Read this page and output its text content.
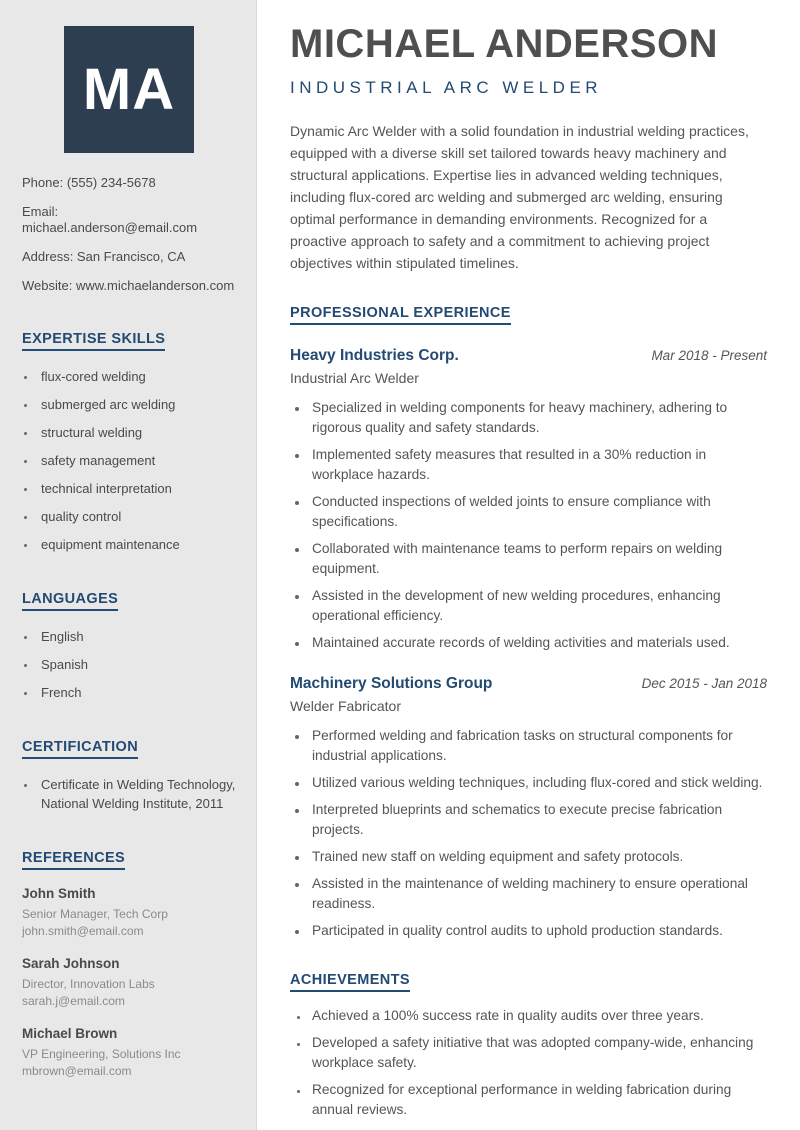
MA
Phone: (555) 234-5678
Email: michael.anderson@email.com
Address: San Francisco, CA
Website: www.michaelanderson.com
EXPERTISE SKILLS
• flux-cored welding
• submerged arc welding
• structural welding
• safety management
• technical interpretation
• quality control
• equipment maintenance
LANGUAGES
• English
• Spanish
• French
CERTIFICATION
• Certificate in Welding Technology, National Welding Institute, 2011
REFERENCES
John Smith
Senior Manager, Tech Corp
john.smith@email.com
Sarah Johnson
Director, Innovation Labs
sarah.j@email.com
Michael Brown
VP Engineering, Solutions Inc
mbrown@email.com
MICHAEL ANDERSON
INDUSTRIAL ARC WELDER

Dynamic Arc Welder with a solid foundation in industrial welding practices, equipped with a diverse skill set tailored towards heavy machinery and structural applications. Expertise lies in advanced welding techniques, including flux-cored arc welding and submerged arc welding, ensuring optimal performance in demanding environments. Recognized for a proactive approach to safety and a commitment to achieving project objectives within stipulated timelines.

PROFESSIONAL EXPERIENCE
Heavy Industries Corp.	Mar 2018 - Present
Industrial Arc Welder
• Specialized in welding components for heavy machinery, adhering to rigorous quality and safety standards.
• Implemented safety measures that resulted in a 30% reduction in workplace hazards.
• Conducted inspections of welded joints to ensure compliance with specifications.
• Collaborated with maintenance teams to perform repairs on welding equipment.
• Assisted in the development of new welding procedures, enhancing operational efficiency.
• Maintained accurate records of welding activities and materials used.
Machinery Solutions Group	Dec 2015 - Jan 2018
Welder Fabricator
• Performed welding and fabrication tasks on structural components for industrial applications.
• Utilized various welding techniques, including flux-cored and stick welding.
• Interpreted blueprints and schematics to execute precise fabrication projects.
• Trained new staff on welding equipment and safety protocols.
• Assisted in the maintenance of welding machinery to ensure operational readiness.
• Participated in quality control audits to uphold production standards.
ACHIEVEMENTS
• Achieved a 100% success rate in quality audits over three years.
• Developed a safety initiative that was adopted company-wide, enhancing workplace safety.
• Recognized for exceptional performance in welding fabrication during annual reviews.
